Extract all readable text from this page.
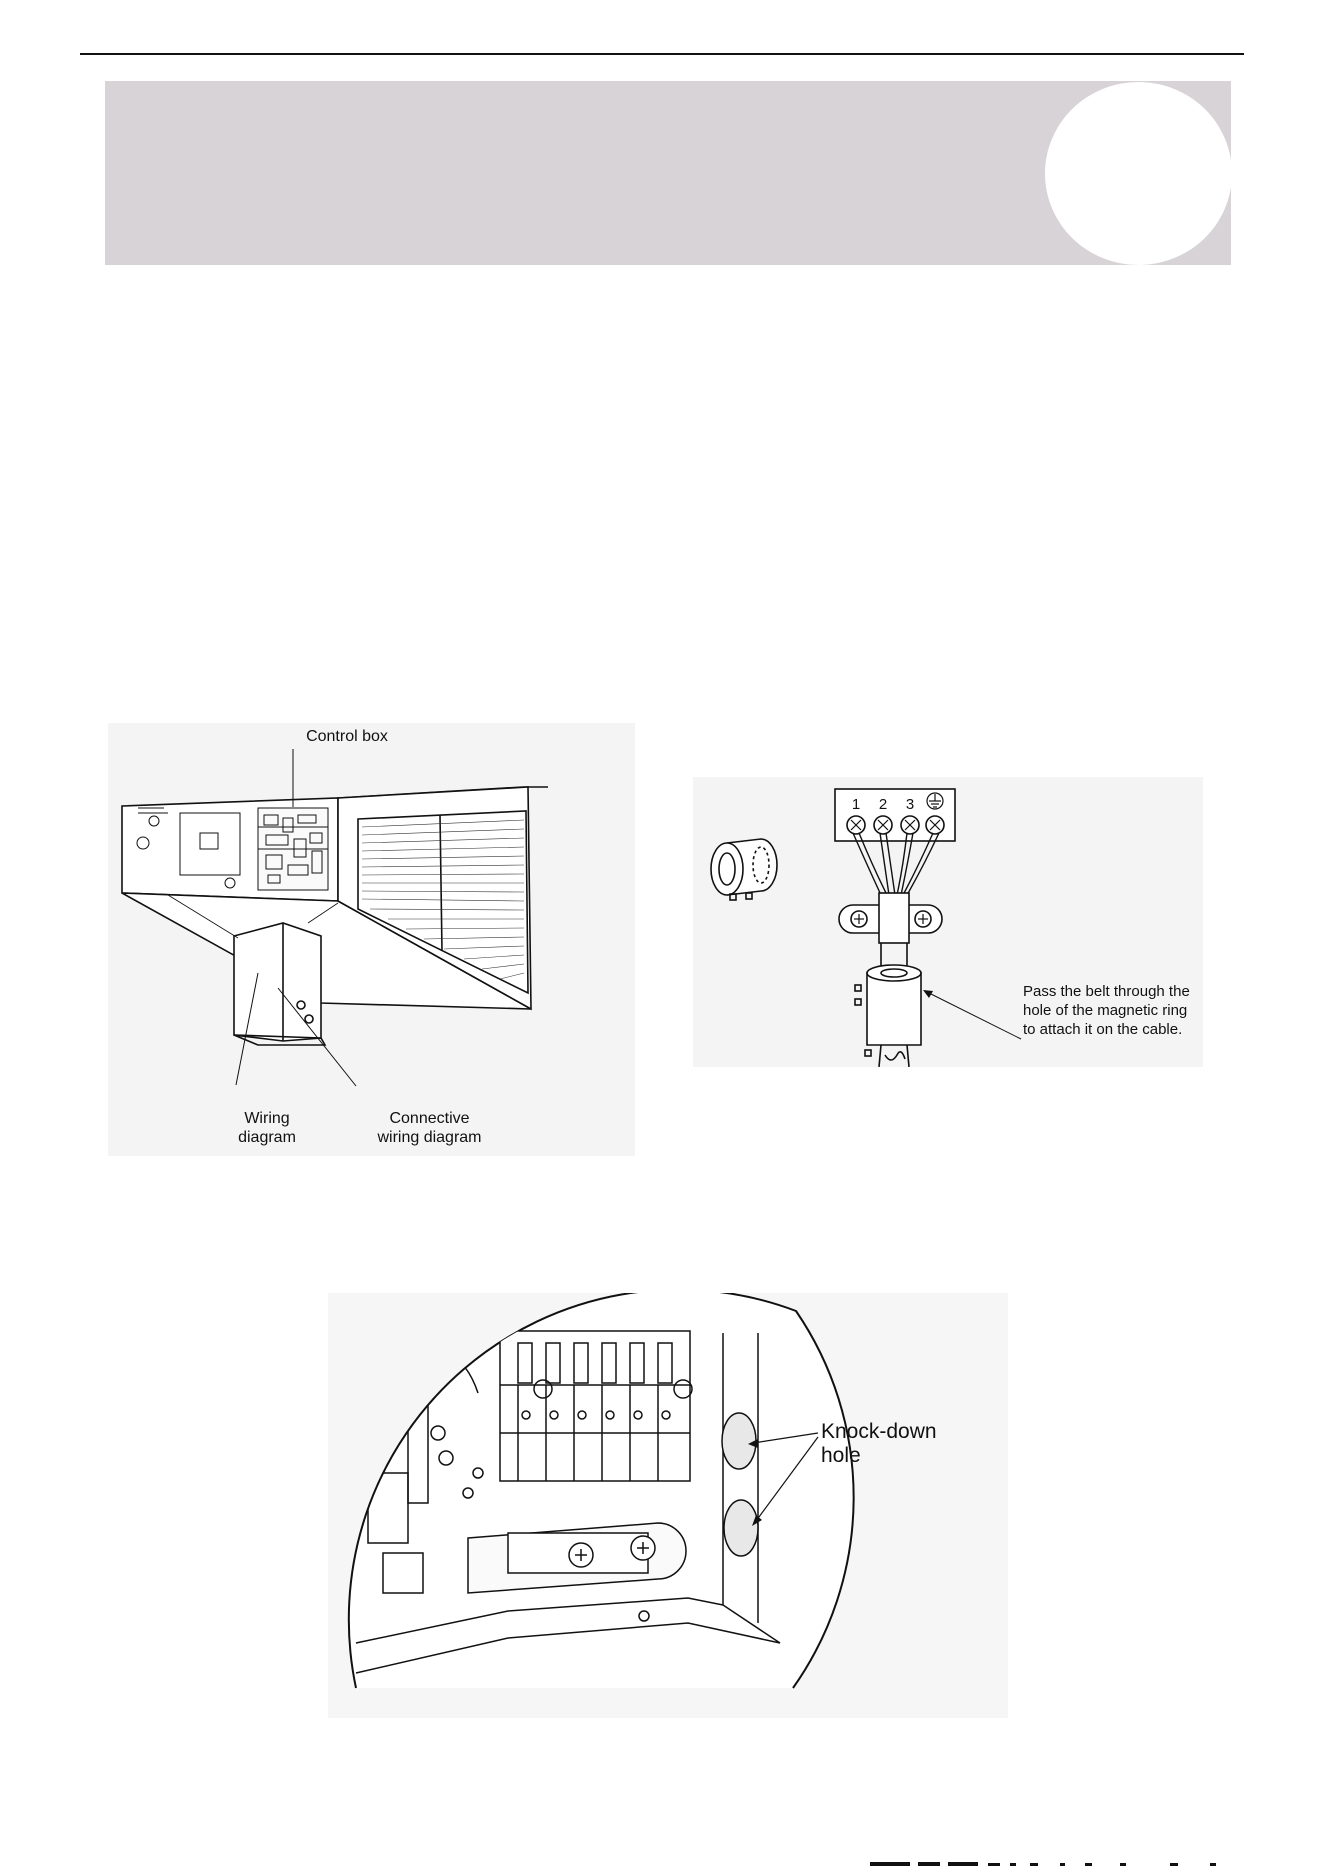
Control box
Wiring
diagram
Connective
wiring diagram
1 2 3
Pass the belt through the
hole of the magnetic ring
to attach it on the cable.
Knock-down
hole
